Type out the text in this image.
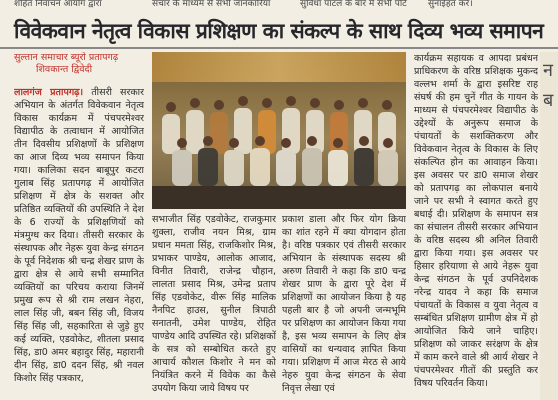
शहित निवाचन आयोग द्वारा	संचार के माध्यम से सभी जानकारियां	सुविधा पाटल के बार में सभी पोर्ट	सुनाईहत करें।
विवेकवान नेतृत्व विकास प्रशिक्षण का संकल्प के साथ दिव्य भव्य समापन

सुल्तान समाचार ब्यूरो प्रतापगढ़

शिवकान्त द्विवेदी

लालगंज प्रतापगढ़। तीसरी सरकार अभियान के अंतर्गत विवेकवान नेतृत्व विकास कार्यक्रम में पंचपरमेश्वर विद्यापीठ के तत्वाधान में आयोजित तीन दिवसीय प्रशिक्षणों के प्रशिक्षण का आज दिव्य भव्य समापन किया गया। कालिका सदन बाबूपुर कटरा गुलाब सिंह प्रतापगढ़ में आयोजित प्रशिक्षण में क्षेत्र के सशक्त और प्रतिष्ठित व्यक्तियों की उपस्थिति ने देश के 6 राज्यों के प्रशिक्षणियों को मंत्रमुग्ध कर दिया। तीसरी सरकार के संस्थापक और नेहरू युवा केन्द्र संगठन के पूर्व निदेशक श्री चन्द्र शेखर प्राण के द्वारा क्षेत्र से आये सभी सम्मानित व्यक्तियों का परिचय कराया जिनमें प्रमुख रूप से श्री राम लखन नेहरा, लाल सिंह जी, बबन सिंह जी, विजय सिंह सिंह जी, सहकारिता से जुड़े हुए कई व्यक्ति, एडवोकेट, शीतला प्रसाद सिंह, डा0 अमर बहादुर सिंह, महारानी दीन सिंह, डा0 ददन सिंह, श्री नवल किशोर सिंह पत्रकार,

सभाजीत सिंह एडवोकेट, राजकुमार शुक्ला, राजीव नयन मिश्र, ग्राम प्रधान ममता सिंह, राजकिशोर मिश्र, प्रभाकर पाण्डेय, आलोक आजाद, विनीत तिवारी, राजेन्द्र चौहान, लालता प्रसाद मिश्र, उमेन्द्र प्रताप सिंह एडवोकेट, वीरू सिंह मालिक नैनपिट हाउस, सुनील त्रिपाठी सनातनी, उमेश पाण्डेय, रोहित पाण्डेय आदि उपस्थित रहे। प्रशिक्षकों के सत्र को सम्बोधित करते हुए आचार्य कौशल किशोर ने मन को नियंत्रित करने में विवेक का कैसे उपयोग किया जाये विषय पर

प्रकाश डाला और फिर योग क्रिया का शांत रहने में क्या योगदान होता है। वरिष्ठ पत्रकार एवं तीसरी सरकार अभियान के संस्थापक सदस्य श्री अरुण तिवारी ने कहा कि डा0 चन्द्र शेखर प्राण के द्वारा पूरे देश में प्रशिक्षणों का आयोजन किया है यह पहली बार है जो अपनी जन्मभूमि पर प्रशिक्षण का आयोजन किया गया है, इस भव्य समापन के लिए क्षेत्र वासियों का धन्यवाद ज्ञापित किया गया। प्रशिक्षण में आज मेरठ से आये नेहरु युवा केन्द्र संगठन के सेवा निवृत्त लेखा एवं

कार्यक्रम सहायक व आपदा प्रबंधन प्राधिकरण के वरिष्ठ प्रशिक्षक मुकन्द वल्लभ शर्मा के द्वारा इसरिष्ट राह संघर्ष की हम चुनें गीत के गायन के माध्यम से पंचपरमेश्वर विद्यापीठ के उद्देश्यों के अनुरूप समाज के पंचायतों के सशक्तिकरण और विवेकवान नेतृत्व के विकास के लिए संकल्पित होन का आवाहन किया। इस अवसर पर डा0 समाज शेखर को प्रतापगढ़ का लोकपाल बनाये जाने पर सभी ने स्वागत करते हुए बधाई दी। प्रशिक्षण के समापन सत्र का संचालन तीसरी सरकार अभियान के वरिष्ठ सदस्य श्री अनिल तिवारी द्वारा किया गया। इस अवसर पर हिसार हरियाणा से आये नेहरू युवा केन्द्र संगठन के पूर्व उपनिदेशक नरेन्द्र यादव ने कहा कि समाज पंचायतों के विकास व युवा नेतृत्व व सम्बंधित प्रशिक्षण ग्रामीण क्षेत्र में हो आयोजित किये जाने चाहिए। प्रशिक्षण को जाकर सरंक्षण के क्षेत्र में काम करने वाले श्री आर्य शेखर ने पंचपरमेश्वर गीतों की प्रस्तुति कर विषय परिवर्तन किया।

न
ब
